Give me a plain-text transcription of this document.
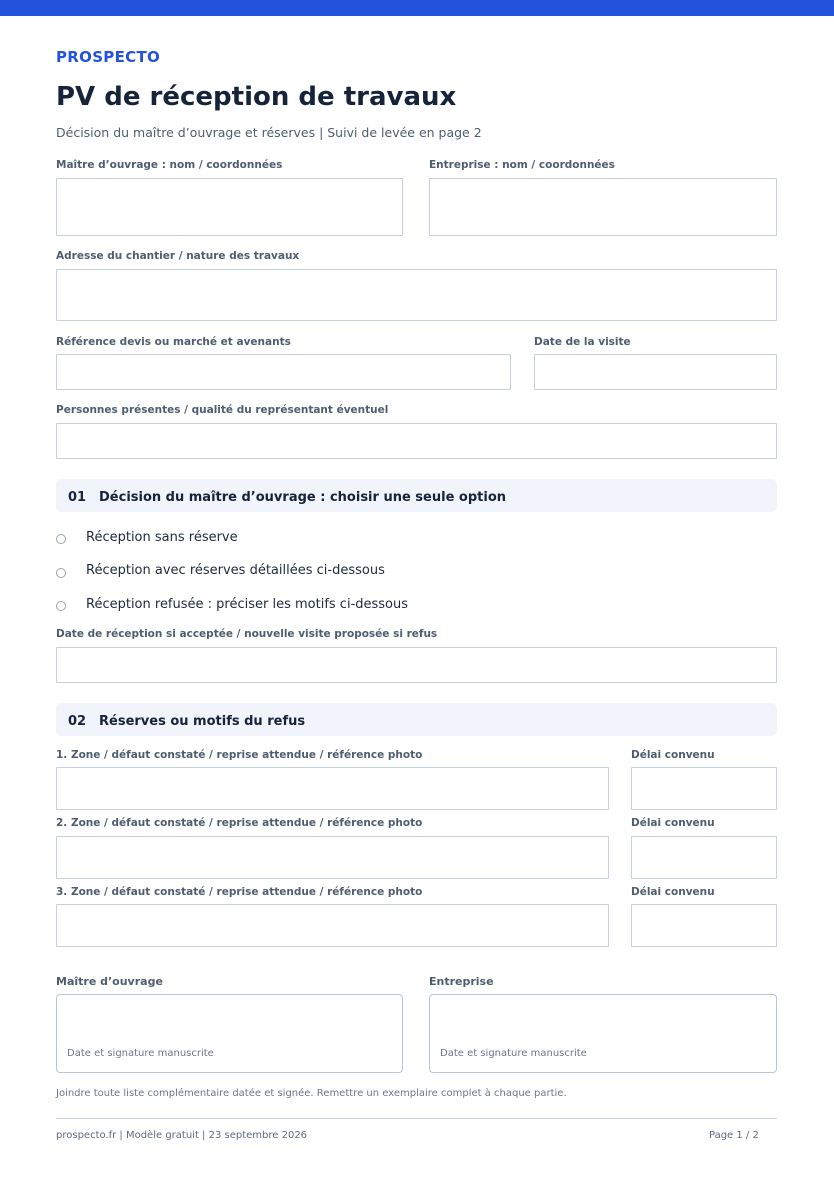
PROSPECTO
PV de réception de travaux
Décision du maître d’ouvrage et réserves | Suivi de levée en page 2
Maître d’ouvrage : nom / coordonnées	Entreprise : nom / coordonnées
Adresse du chantier / nature des travaux
Référence devis ou marché et avenants	Date de la visite
Personnes présentes / qualité du représentant éventuel
01 Décision du maître d’ouvrage : choisir une seule option
Réception sans réserve
Réception avec réserves détaillées ci-dessous
Réception refusée : préciser les motifs ci-dessous
Date de réception si acceptée / nouvelle visite proposée si refus
02 Réserves ou motifs du refus
1. Zone / défaut constaté / reprise attendue / référence photo	Délai convenu
2. Zone / défaut constaté / reprise attendue / référence photo	Délai convenu
3. Zone / défaut constaté / reprise attendue / référence photo	Délai convenu
Maître d’ouvrage
Date et signature manuscrite
Entreprise
Date et signature manuscrite
Joindre toute liste complémentaire datée et signée. Remettre un exemplaire complet à chaque partie.
prospecto.fr | Modèle gratuit | 23 septembre 2026	Page 1 / 2
